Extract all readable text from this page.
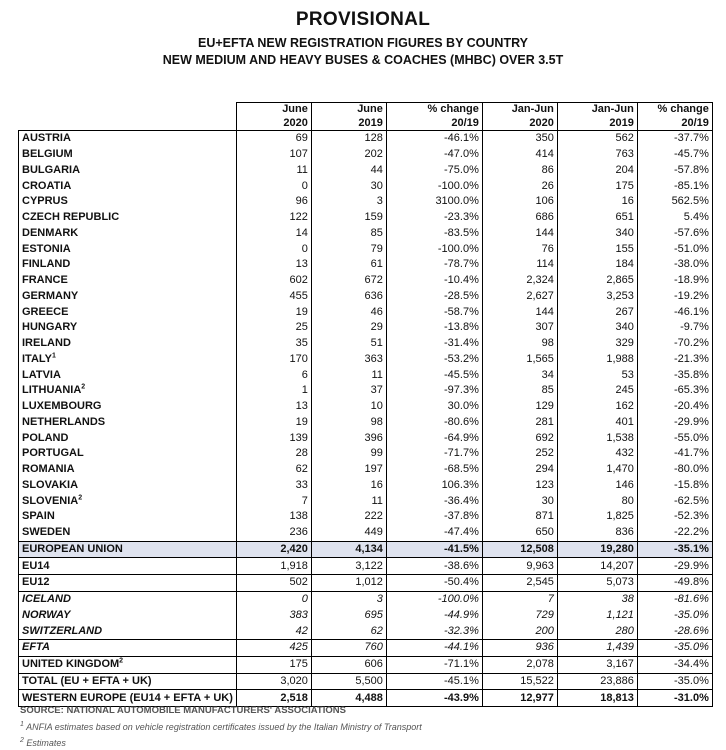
PROVISIONAL
EU+EFTA NEW REGISTRATION FIGURES BY COUNTRY
NEW MEDIUM AND HEAVY BUSES & COACHES (MHBC) OVER 3.5T
	June	June	% change	Jan-Jun	Jan-Jun	% change
	2020	2019	20/19	2020	2019	20/19
AUSTRIA	69	128	-46.1%	350	562	-37.7%
BELGIUM	107	202	-47.0%	414	763	-45.7%
BULGARIA	11	44	-75.0%	86	204	-57.8%
CROATIA	0	30	-100.0%	26	175	-85.1%
CYPRUS	96	3	3100.0%	106	16	562.5%
CZECH REPUBLIC	122	159	-23.3%	686	651	5.4%
DENMARK	14	85	-83.5%	144	340	-57.6%
ESTONIA	0	79	-100.0%	76	155	-51.0%
FINLAND	13	61	-78.7%	114	184	-38.0%
FRANCE	602	672	-10.4%	2,324	2,865	-18.9%
GERMANY	455	636	-28.5%	2,627	3,253	-19.2%
GREECE	19	46	-58.7%	144	267	-46.1%
HUNGARY	25	29	-13.8%	307	340	-9.7%
IRELAND	35	51	-31.4%	98	329	-70.2%
ITALY$^1$	170	363	-53.2%	1,565	1,988	-21.3%
LATVIA	6	11	-45.5%	34	53	-35.8%
LITHUANIA$^2$	1	37	-97.3%	85	245	-65.3%
LUXEMBOURG	13	10	30.0%	129	162	-20.4%
NETHERLANDS	19	98	-80.6%	281	401	-29.9%
POLAND	139	396	-64.9%	692	1,538	-55.0%
PORTUGAL	28	99	-71.7%	252	432	-41.7%
ROMANIA	62	197	-68.5%	294	1,470	-80.0%
SLOVAKIA	33	16	106.3%	123	146	-15.8%
SLOVENIA$^2$	7	11	-36.4%	30	80	-62.5%
SPAIN	138	222	-37.8%	871	1,825	-52.3%
SWEDEN	236	449	-47.4%	650	836	-22.2%
EUROPEAN UNION	2,420	4,134	-41.5%	12,508	19,280	-35.1%
EU14	1,918	3,122	-38.6%	9,963	14,207	-29.9%
EU12	502	1,012	-50.4%	2,545	5,073	-49.8%
ICELAND	0	3	-100.0%	7	38	-81.6%
NORWAY	383	695	-44.9%	729	1,121	-35.0%
SWITZERLAND	42	62	-32.3%	200	280	-28.6%
EFTA	425	760	-44.1%	936	1,439	-35.0%
UNITED KINGDOM$^2$	175	606	-71.1%	2,078	3,167	-34.4%
TOTAL (EU + EFTA + UK)	3,020	5,500	-45.1%	15,522	23,886	-35.0%
WESTERN EUROPE (EU14 + EFTA + UK)	2,518	4,488	-43.9%	12,977	18,813	-31.0%
SOURCE: NATIONAL AUTOMOBILE MANUFACTURERS' ASSOCIATIONS
$^1$ ANFIA estimates based on vehicle registration certificates issued by the Italian Ministry of Transport
$^2$ Estimates
